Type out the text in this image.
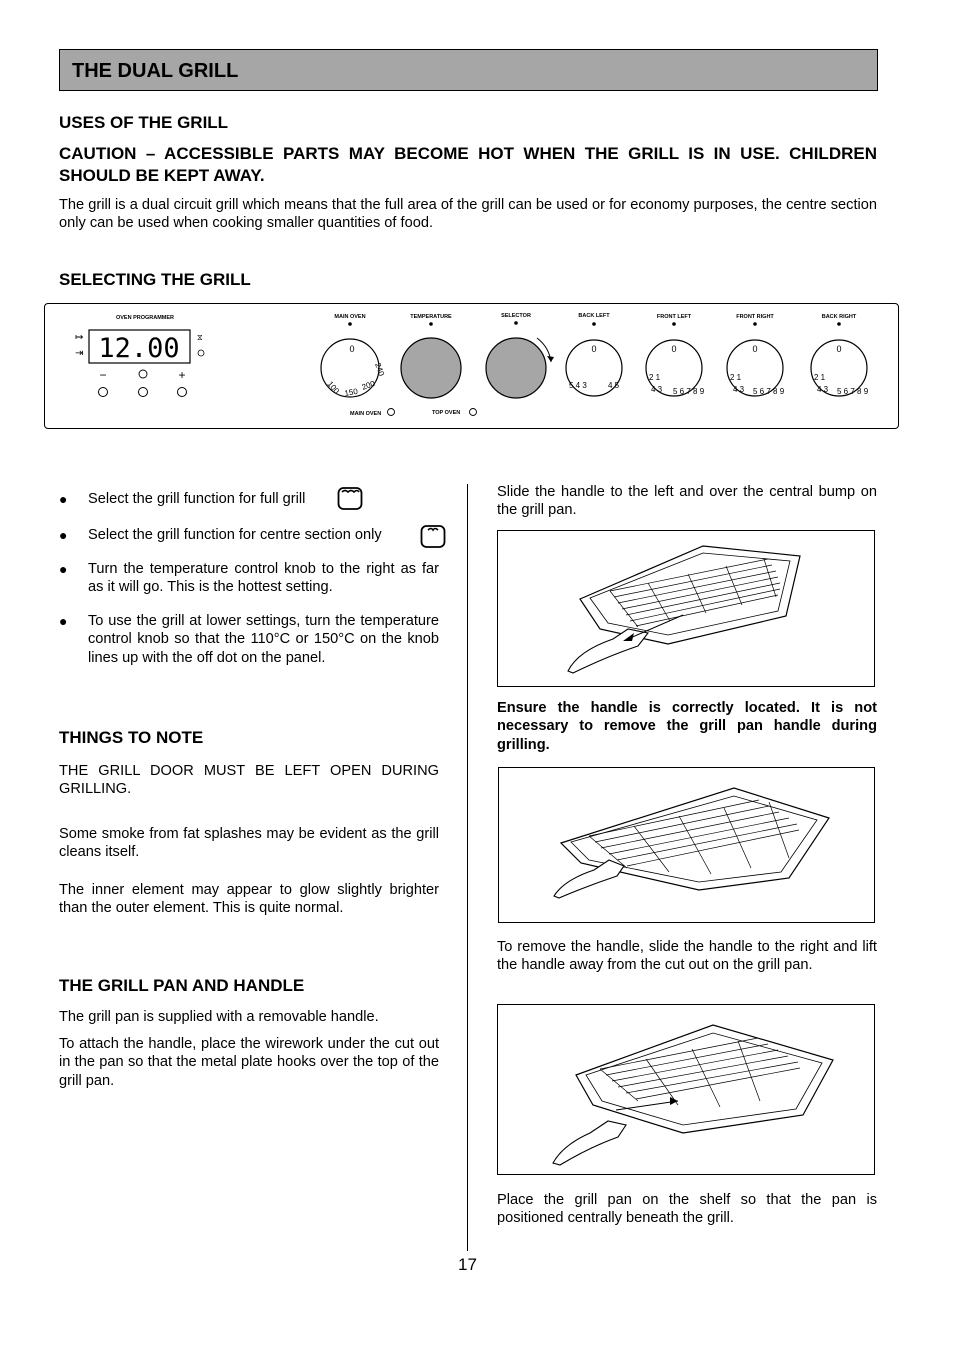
THE DUAL GRILL
USES OF THE GRILL
CAUTION – ACCESSIBLE PARTS MAY BECOME HOT WHEN THE GRILL IS IN USE. CHILDREN SHOULD BE KEPT AWAY.
The grill is a dual circuit grill which means that the full area of the grill can be used or for economy purposes, the centre section only can be used when cooking smaller quantities of food.
SELECTING THE GRILL
OVEN PROGRAMMER
↦
⇥ 12.00 ⧖
−	+
MAIN OVEN	TEMPERATURE	SELECTOR	BACK LEFT	FRONT LEFT	FRONT RIGHT	BACK RIGHT
0
240
200
150
100
0
5 4 3	4 5
0
2 1
4 3 5 6 7 8 9
0
2 1
4 3 5 6 7 8 9
0
2 1
4 3 5 6 7 8 9
MAIN OVEN	TOP OVEN
● Select the grill function for full grill
● Select the grill function for centre section only
● Turn the temperature control knob to the right as far as it will go. This is the hottest setting.
● To use the grill at lower settings, turn the temperature control knob so that the 110°C or 150°C on the knob lines up with the off dot on the panel.
THINGS TO NOTE
THE GRILL DOOR MUST BE LEFT OPEN DURING GRILLING.
Some smoke from fat splashes may be evident as the grill cleans itself.
The inner element may appear to glow slightly brighter than the outer element. This is quite normal.
THE GRILL PAN AND HANDLE
The grill pan is supplied with a removable handle.
To attach the handle, place the wirework under the cut out in the pan so that the metal plate hooks over the top of the grill pan.
Slide the handle to the left and over the central bump on the grill pan.
Ensure the handle is correctly located. It is not necessary to remove the grill pan handle during grilling.
To remove the handle, slide the handle to the right and lift the handle away from the cut out on the grill pan.
Place the grill pan on the shelf so that the pan is positioned centrally beneath the grill.
17
